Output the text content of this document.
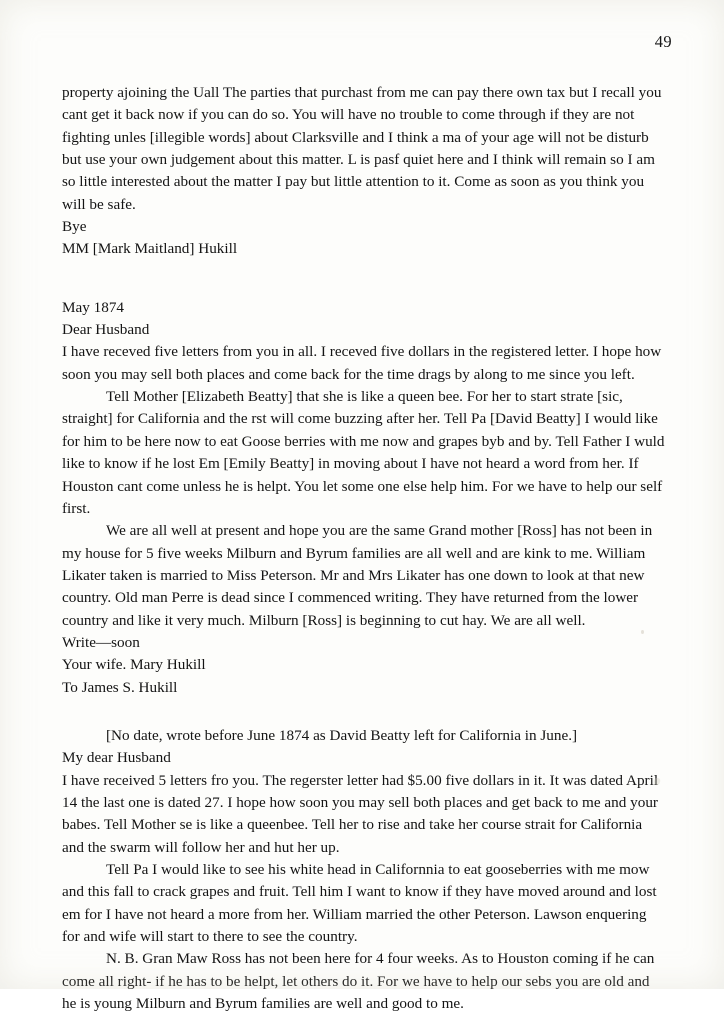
49

property ajoining the Uall The parties that purchast from me can pay there own tax but I recall you cant get it back now if you can do so. You will have no trouble to come through if they are not fighting unles [illegible words] about Clarksville and I think a ma of your age will not be disturb but use your own judgement about this matter. L is pasf quiet here and I think will remain so I am so little interested about the matter I pay but little attention to it. Come as soon as you think you will be safe.

Bye

MM [Mark Maitland] Hukill

May 1874

Dear Husband

I have receved five letters from you in all. I receved five dollars in the registered letter. I hope how soon you may sell both places and come back for the time drags by along to me since you left.

Tell Mother [Elizabeth Beatty] that she is like a queen bee. For her to start strate [sic, straight] for California and the rst will come buzzing after her. Tell Pa [David Beatty] I would like for him to be here now to eat Goose berries with me now and grapes byb and by. Tell Father I wuld like to know if he lost Em [Emily Beatty] in moving about I have not heard a word from her. If Houston cant come unless he is helpt. You let some one else help him. For we have to help our self first.

We are all well at present and hope you are the same Grand mother [Ross] has not been in my house for 5 five weeks Milburn and Byrum families are all well and are kink to me. William Likater taken is married to Miss Peterson. Mr and Mrs Likater has one down to look at that new country. Old man Perre is dead since I commenced writing. They have returned from the lower country and like it very much. Milburn [Ross] is beginning to cut hay. We are all well.

Write—soon

Your wife. Mary Hukill

To James S. Hukill

[No date, wrote before June 1874 as David Beatty left for California in June.]

My dear Husband

I have received 5 letters fro you. The regerster letter had $5.00 five dollars in it. It was dated April 14 the last one is dated 27. I hope how soon you may sell both places and get back to me and your babes. Tell Mother se is like a queenbee. Tell her to rise and take her course strait for California and the swarm will follow her and hut her up.

Tell Pa I would like to see his white head in Californnia to eat gooseberries with me mow and this fall to crack grapes and fruit. Tell him I want to know if they have moved around and lost em for I have not heard a more from her. William married the other Peterson. Lawson enquering for and wife will start to there to see the country.

N. B. Gran Maw Ross has not been here for 4 four weeks. As to Houston coming if he can come all right- if he has to be helpt, let others do it. For we have to help our sebs you are old and he is young Milburn and Byrum families are well and good to me.
